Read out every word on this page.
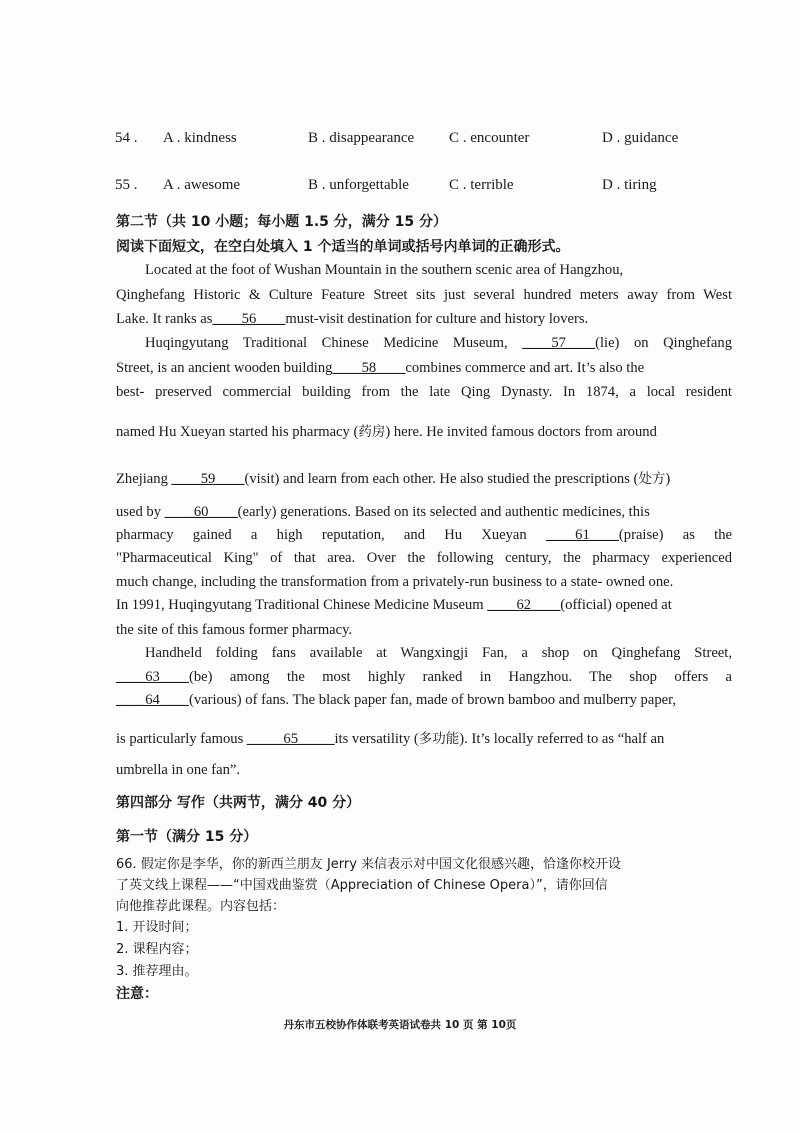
54 . A . kindness	B . disappearance C . encounter	D . guidance
55 . A . awesome	B . unforgettable	C . terrible	D . tiring
第二节（共 10 小题；每小题 1.5 分，满分 15 分）
阅读下面短文，在空白处填入 1 个适当的单词或括号内单词的正确形式。
Located at the foot of Wushan Mountain in the southern scenic area of Hangzhou,
Qinghefang Historic & Culture Feature Street sits just several hundred meters away from West
Lake. It ranks as____56____must-visit destination for culture and history lovers.
Huqingyutang Traditional Chinese Medicine Museum, ____57____(lie) on Qinghefang
Street, is an ancient wooden building____58____combines commerce and art. It’s also the
best- preserved commercial building from the late Qing Dynasty. In 1874, a local resident
named Hu Xueyan started his pharmacy (药房) here. He invited famous doctors from around
Zhejiang ____59____(visit) and learn from each other. He also studied the prescriptions (处方)
used by ____60____(early) generations. Based on its selected and authentic medicines, this
pharmacy gained a high reputation, and Hu Xueyan ____61____(praise) as the
"Pharmaceutical King" of that area. Over the following century, the pharmacy experienced
much change, including the transformation from a privately-run business to a state- owned one.
In 1991, Huqingyutang Traditional Chinese Medicine Museum ____62____(official) opened at
the site of this famous former pharmacy.
Handheld folding fans available at Wangxingji Fan, a shop on Qinghefang Street,
____63____(be) among the most highly ranked in Hangzhou. The shop offers a
____64____(various) of fans. The black paper fan, made of brown bamboo and mulberry paper,
is particularly famous _____65_____its versatility (多功能). It’s locally referred to as “half an
umbrella in one fan”.
第四部分 写作（共两节，满分 40 分）
第一节（满分 15 分）
66. 假定你是李华，你的新西兰朋友 Jerry 来信表示对中国文化很感兴趣，恰逢你校开设
了英文线上课程——“中国戏曲鉴赏（Appreciation of Chinese Opera）”，请你回信
向他推荐此课程。内容包括：
1. 开设时间；
2. 课程内容；
3. 推荐理由。
注意：
丹东市五校协作体联考英语试卷共 10 页 第 10页
